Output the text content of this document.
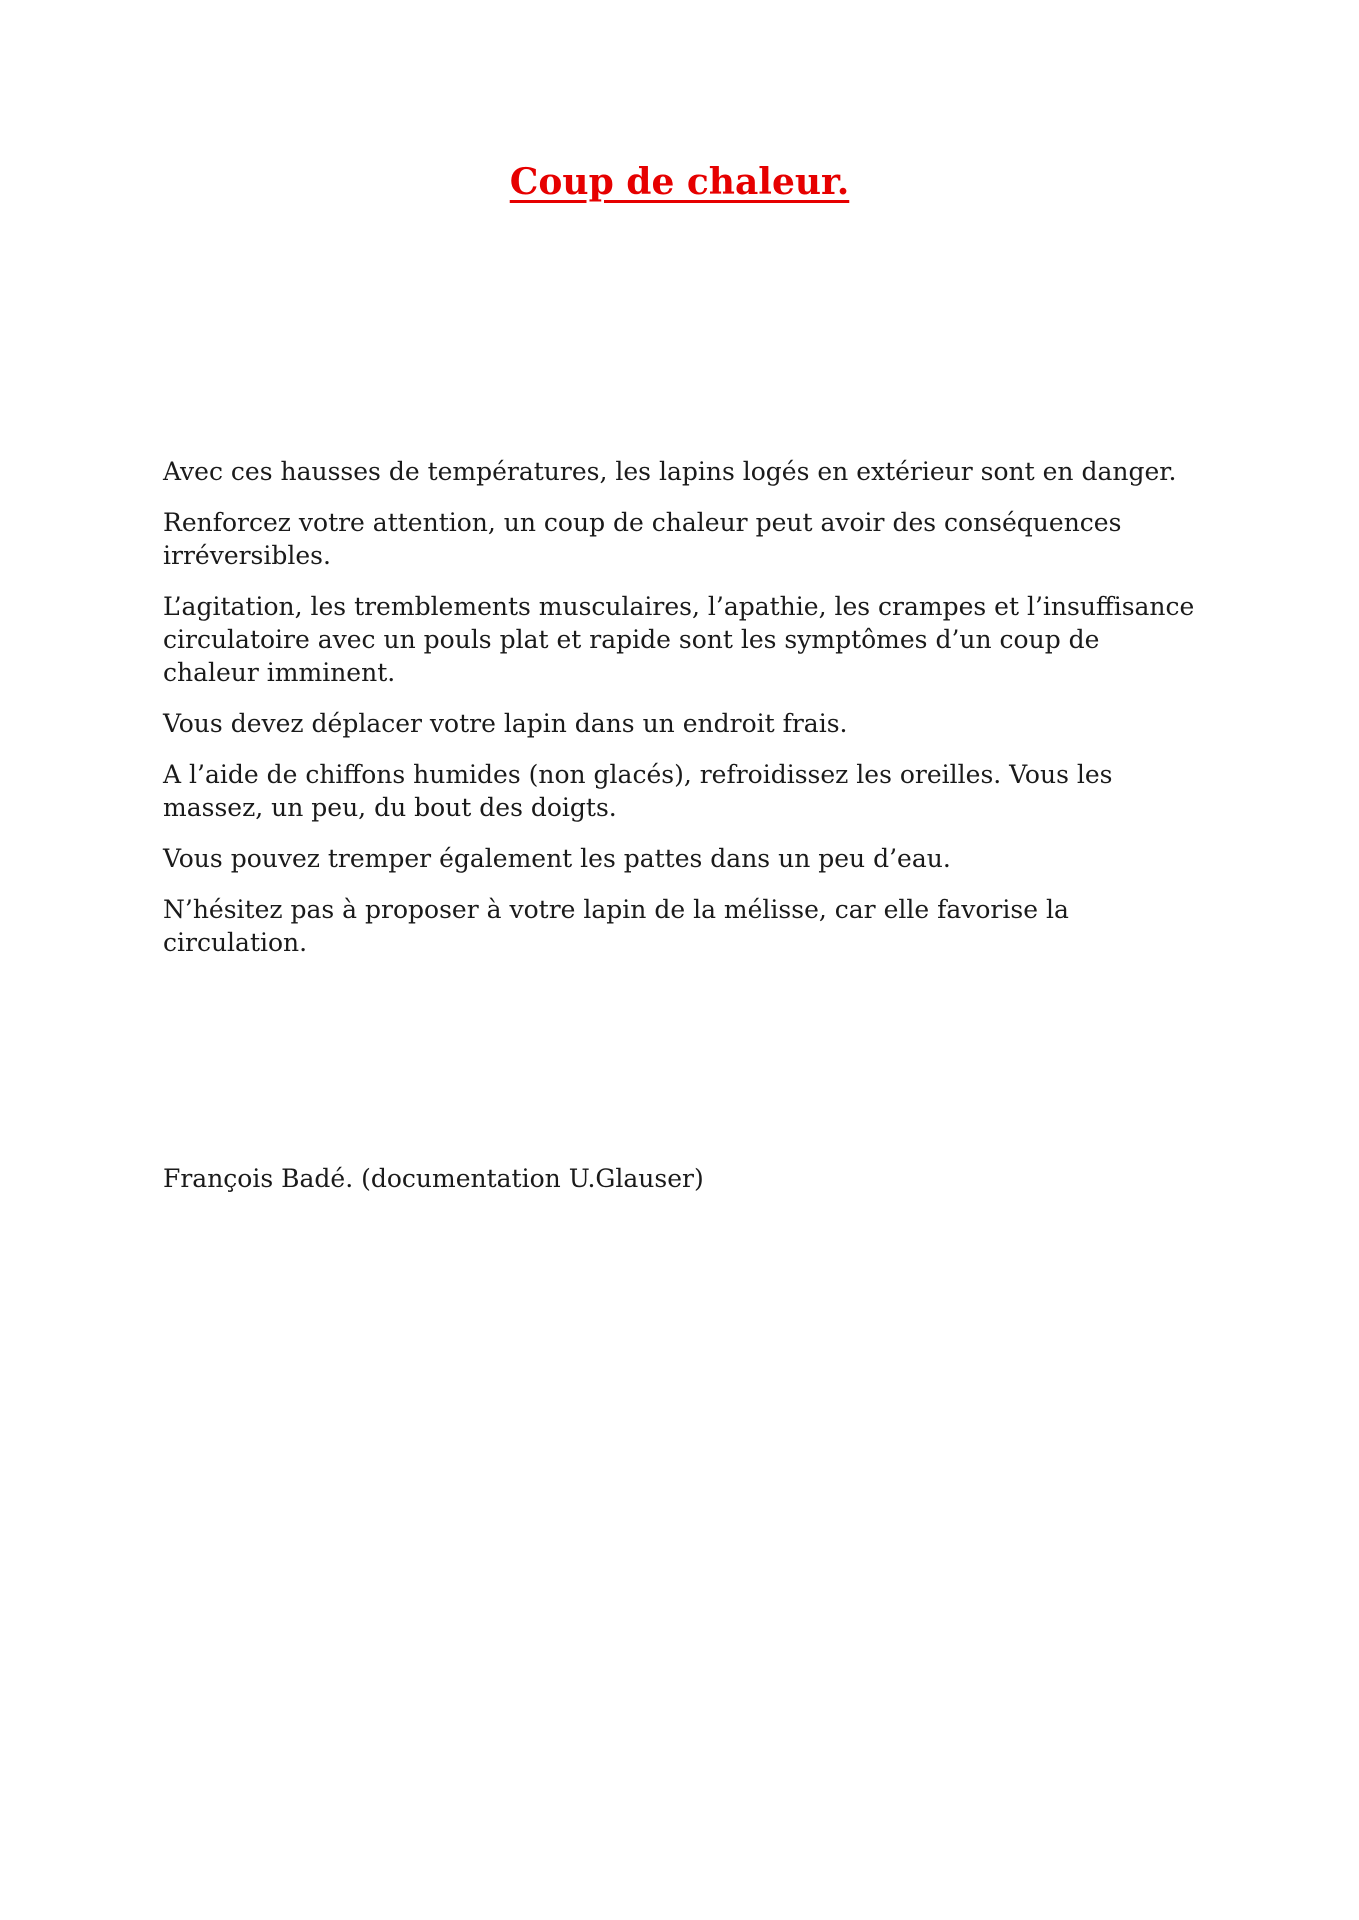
Coup de chaleur.

Avec ces hausses de températures, les lapins logés en extérieur sont en danger.

Renforcez votre attention, un coup de chaleur peut avoir des conséquences irréversibles.

L’agitation, les tremblements musculaires, l’apathie, les crampes et l’insuffisance circulatoire avec un pouls plat et rapide sont les symptômes d’un coup de chaleur imminent.

Vous devez déplacer votre lapin dans un endroit frais.

A l’aide de chiffons humides (non glacés), refroidissez les oreilles. Vous les massez, un peu, du bout des doigts.

Vous pouvez tremper également les pattes dans un peu d’eau.

N’hésitez pas à proposer à votre lapin de la mélisse, car elle favorise la circulation.

François Badé. (documentation U.Glauser)
